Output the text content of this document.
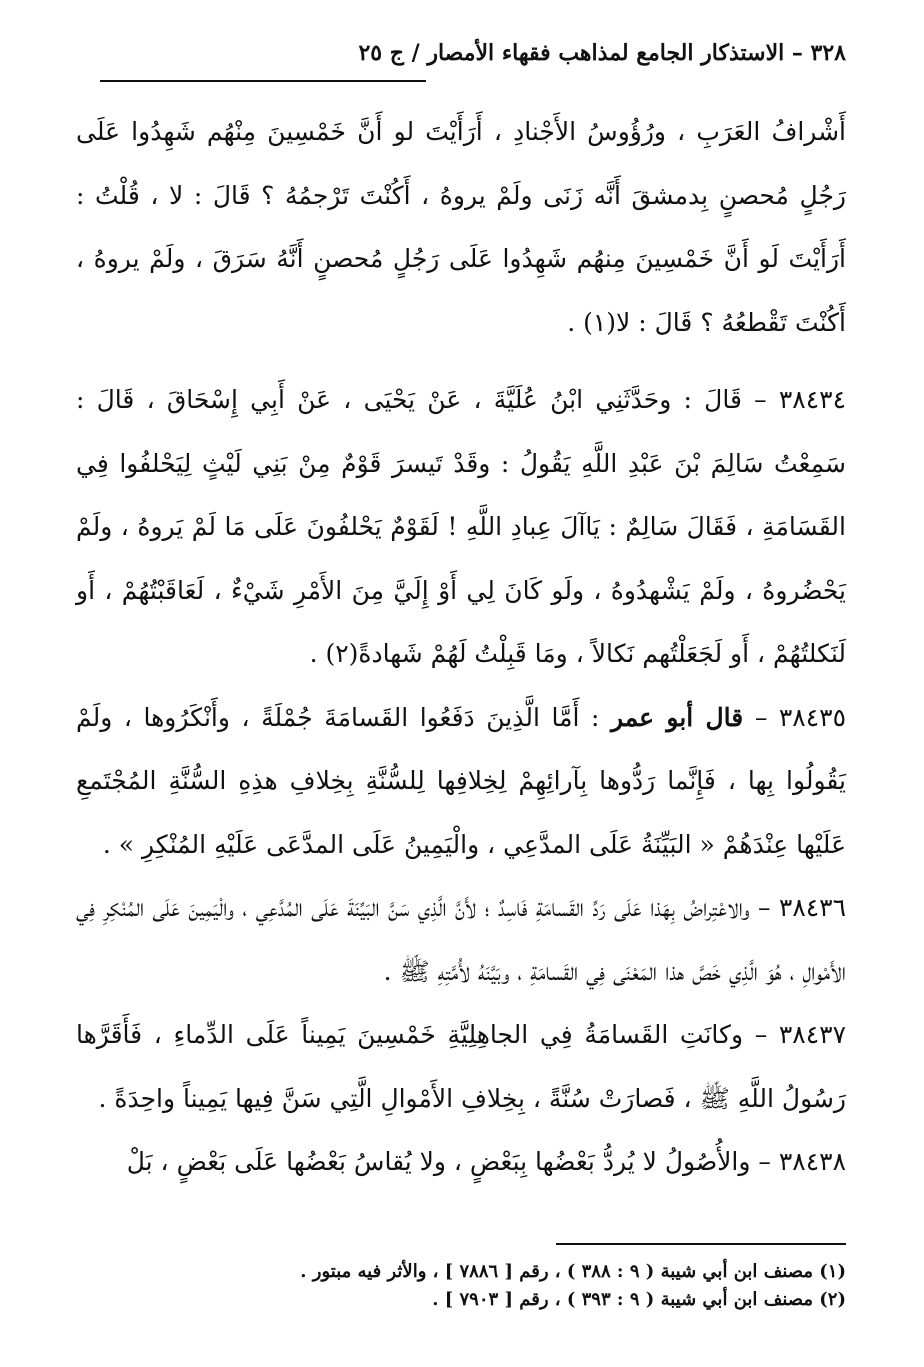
٣٢٨ – الاستذكار الجامع لمذاهب فقهاء الأمصار / ج ٢٥

أَشْرافُ العَرَبِ ، ورُؤُوسُ الأَجْنادِ ، أَرَأَيْتَ لو أَنَّ خَمْسِينَ مِنْهُم شَهِدُوا عَلَى رَجُلٍ مُحصنٍ بِدمشقَ أَنَّه زَنَى ولَمْ يروهُ ، أَكُنْتَ تَرْجمُهُ ؟ قَالَ : لا ، قُلْتُ : أَرَأَيْتَ لَو أَنَّ خَمْسِينَ مِنهُم شَهِدُوا عَلَى رَجُلٍ مُحصنٍ أَنَّهُ سَرَقَ ، ولَمْ يروهُ ، أَكُنْتَ تَقْطعُهُ ؟ قَالَ : لا(١) .

٣٨٤٣٤ – قَالَ : وحَدَّثَنِي ابْنُ عُلَيَّةَ ، عَنْ يَحْيَى ، عَنْ أَبِي إِسْحَاقَ ، قَالَ : سَمِعْتُ سَالِمَ بْنَ عَبْدِ اللَّهِ يَقُولُ : وقَدْ تَيسرَ قَوْمٌ مِنْ بَنِي لَيْثٍ لِيَحْلفُوا فِي القَسَامَةِ ، فَقَالَ سَالِمٌ : يَاآلَ عِبادِ اللَّهِ ! لَقَوْمٌ يَحْلفُونَ عَلَى مَا لَمْ يَروهُ ، ولَمْ يَحْضُروهُ ، ولَمْ يَشْهدُوهُ ، ولَو كَانَ لِي أَوْ إِلَيَّ مِنَ الأَمْرِ شَيْءٌ ، لَعَاقَبْتُهُمْ ، أَو لَنَكلتُهُمْ ، أَو لَجَعَلْتُهم نَكالاً ، ومَا قَبِلْتُ لَهُمْ شَهادةً(٢) .

٣٨٤٣٥ – قال أبو عمر : أَمَّا الَّذِينَ دَفَعُوا القَسامَةَ جُمْلَةً ، وأَنْكَرُوها ، ولَمْ يَقُولُوا بِها ، فَإِنَّما رَدُّوها بِآرائِهِمْ لِخِلافِها لِلسُّنَّةِ بِخِلافِ هذِهِ السُّنَّةِ المُجْتَمعِ عَلَيْها عِنْدَهُمْ « البَيِّنَةُ عَلَى المدَّعِي ، والْيَمِينُ عَلَى المدَّعَى عَلَيْهِ المُنْكِرِ » .

٣٨٤٣٦ – والاعْتِراضُ بِهَذا عَلَى رَدِّ القَسامَةِ فَاسِدٌ ؛ لأَنَّ الَّذِي سَنَّ البَيِّنَةَ عَلَى المُدَّعِي ، والْيَمِينَ عَلَى المُنْكِرِ فِي الأَمْوالِ ، هُوَ الَّذِي خَصَّ هذا المَعْنَى فِي القَسامَةِ ، وبَيَّنَهُ لأُمَّتِهِ ﷺ .

٣٨٤٣٧ – وكانَتِ القَسامَةُ فِي الجاهِلِيَّةِ خَمْسِينَ يَمِيناً عَلَى الدِّماءِ ، فَأَقَرَّها رَسُولُ اللَّهِ ﷺ ، فَصارَتْ سُنَّةً ، بِخِلافِ الأَمْوالِ الَّتِي سَنَّ فِيها يَمِيناً واحِدَةً .

٣٨٤٣٨ – والأُصُولُ لا يُردُّ بَعْضُها بِبَعْضٍ ، ولا يُقاسُ بَعْضُها عَلَى بَعْضٍ ، بَلْ

(١) مصنف ابن أبي شيبة ( ٩ : ٣٨٨ ) ، رقم [ ٧٨٨٦ ] ، والأثر فيه مبتور .

(٢) مصنف ابن أبي شيبة ( ٩ : ٣٩٣ ) ، رقم [ ٧٩٠٣ ] .
